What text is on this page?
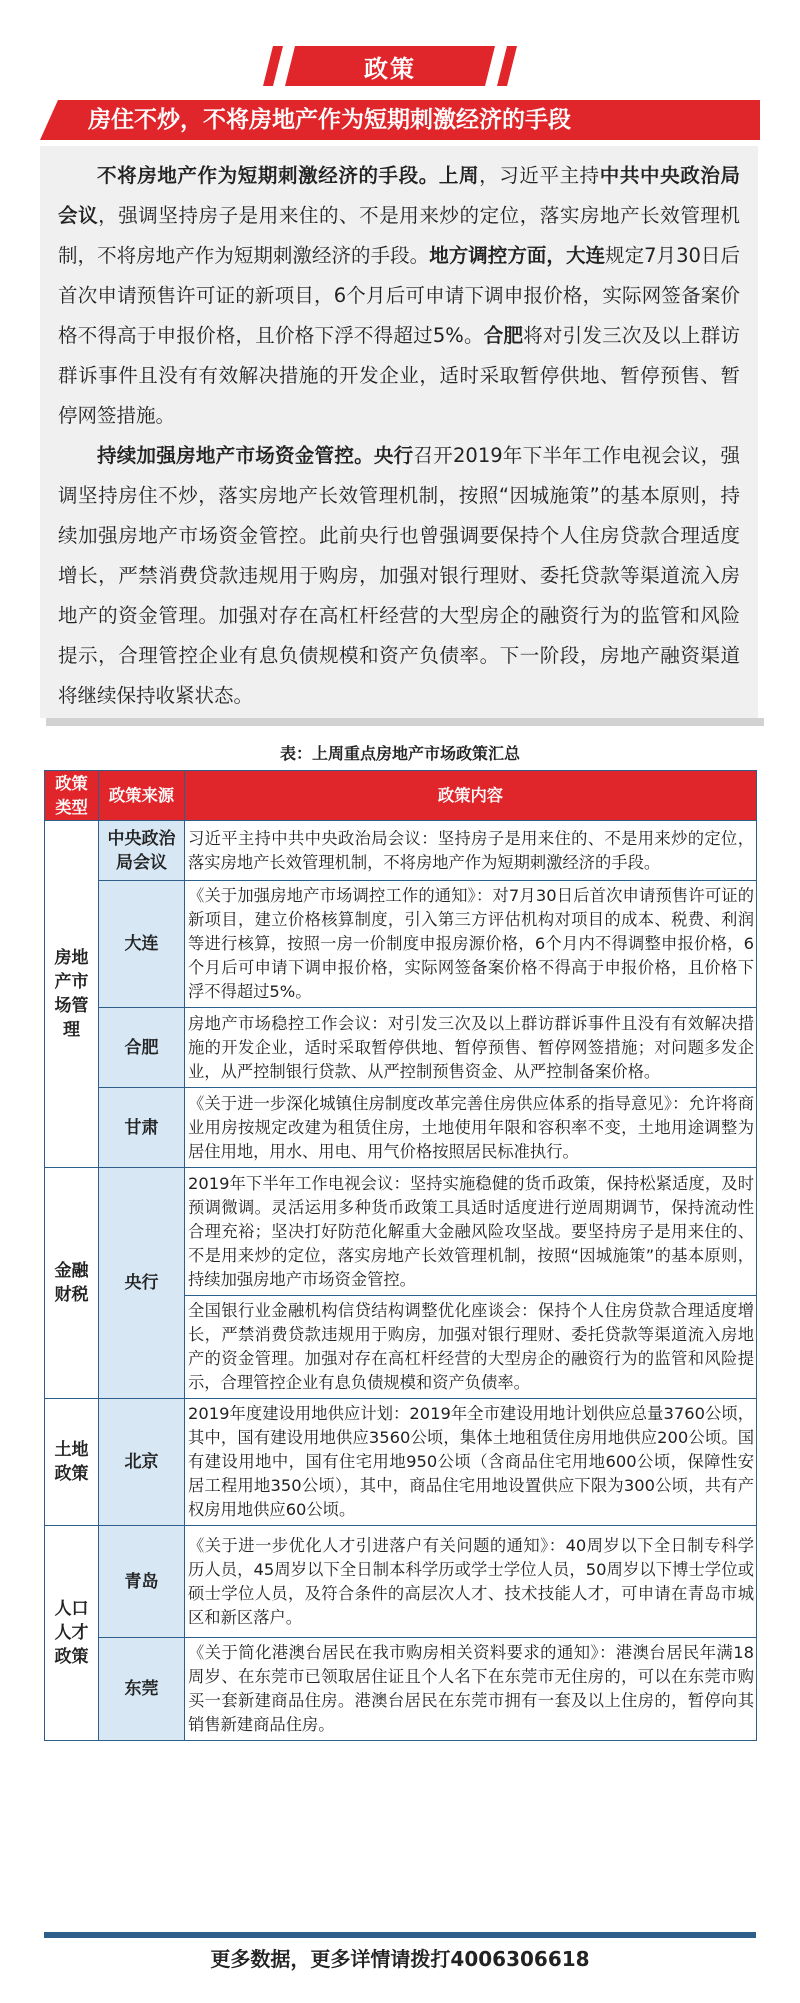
政策
房住不炒，不将房地产作为短期刺激经济的手段

不将房地产作为短期刺激经济的手段。上周，习近平主持中共中央政治局会议，强调坚持房子是用来住的、不是用来炒的定位，落实房地产长效管理机制，不将房地产作为短期刺激经济的手段。地方调控方面，大连规定7月30日后首次申请预售许可证的新项目，6个月后可申请下调申报价格，实际网签备案价格不得高于申报价格，且价格下浮不得超过5%。合肥将对引发三次及以上群访群诉事件且没有有效解决措施的开发企业，适时采取暂停供地、暂停预售、暂停网签措施。

持续加强房地产市场资金管控。央行召开2019年下半年工作电视会议，强调坚持房住不炒，落实房地产长效管理机制，按照“因城施策”的基本原则，持续加强房地产市场资金管控。此前央行也曾强调要保持个人住房贷款合理适度增长，严禁消费贷款违规用于购房，加强对银行理财、委托贷款等渠道流入房地产的资金管理。加强对存在高杠杆经营的大型房企的融资行为的监管和风险提示，合理管控企业有息负债规模和资产负债率。下一阶段，房地产融资渠道将继续保持收紧状态。

表：上周重点房地产市场政策汇总
政策类型	政策来源	政策内容
房地产市场管理	中央政治局会议	习近平主持中共中央政治局会议：坚持房子是用来住的、不是用来炒的定位，落实房地产长效管理机制，不将房地产作为短期刺激经济的手段。
	大连	《关于加强房地产市场调控工作的通知》：对7月30日后首次申请预售许可证的新项目，建立价格核算制度，引入第三方评估机构对项目的成本、税费、利润等进行核算，按照一房一价制度申报房源价格，6个月内不得调整申报价格，6个月后可申请下调申报价格，实际网签备案价格不得高于申报价格，且价格下浮不得超过5%。
	合肥	房地产市场稳控工作会议：对引发三次及以上群访群诉事件且没有有效解决措施的开发企业，适时采取暂停供地、暂停预售、暂停网签措施；对问题多发企业，从严控制银行贷款、从严控制预售资金、从严控制备案价格。
	甘肃	《关于进一步深化城镇住房制度改革完善住房供应体系的指导意见》：允许将商业用房按规定改建为租赁住房，土地使用年限和容积率不变，土地用途调整为居住用地，用水、用电、用气价格按照居民标准执行。
金融财税	央行	2019年下半年工作电视会议：坚持实施稳健的货币政策，保持松紧适度，及时预调微调。灵活运用多种货币政策工具适时适度进行逆周期调节，保持流动性合理充裕；坚决打好防范化解重大金融风险攻坚战。要坚持房子是用来住的、不是用来炒的定位，落实房地产长效管理机制，按照“因城施策”的基本原则，持续加强房地产市场资金管控。
		全国银行业金融机构信贷结构调整优化座谈会：保持个人住房贷款合理适度增长，严禁消费贷款违规用于购房，加强对银行理财、委托贷款等渠道流入房地产的资金管理。加强对存在高杠杆经营的大型房企的融资行为的监管和风险提示，合理管控企业有息负债规模和资产负债率。
土地政策	北京	2019年度建设用地供应计划：2019年全市建设用地计划供应总量3760公顷，其中，国有建设用地供应3560公顷，集体土地租赁住房用地供应200公顷。国有建设用地中，国有住宅用地950公顷（含商品住宅用地600公顷，保障性安居工程用地350公顷），其中，商品住宅用地设置供应下限为300公顷，共有产权房用地供应60公顷。
人口人才政策	青岛	《关于进一步优化人才引进落户有关问题的通知》：40周岁以下全日制专科学历人员，45周岁以下全日制本科学历或学士学位人员，50周岁以下博士学位或硕士学位人员，及符合条件的高层次人才、技术技能人才，可申请在青岛市城区和新区落户。
	东莞	《关于简化港澳台居民在我市购房相关资料要求的通知》：港澳台居民年满18周岁、在东莞市已领取居住证且个人名下在东莞市无住房的，可以在东莞市购买一套新建商品住房。港澳台居民在东莞市拥有一套及以上住房的，暂停向其销售新建商品住房。
更多数据，更多详情请拨打4006306618
